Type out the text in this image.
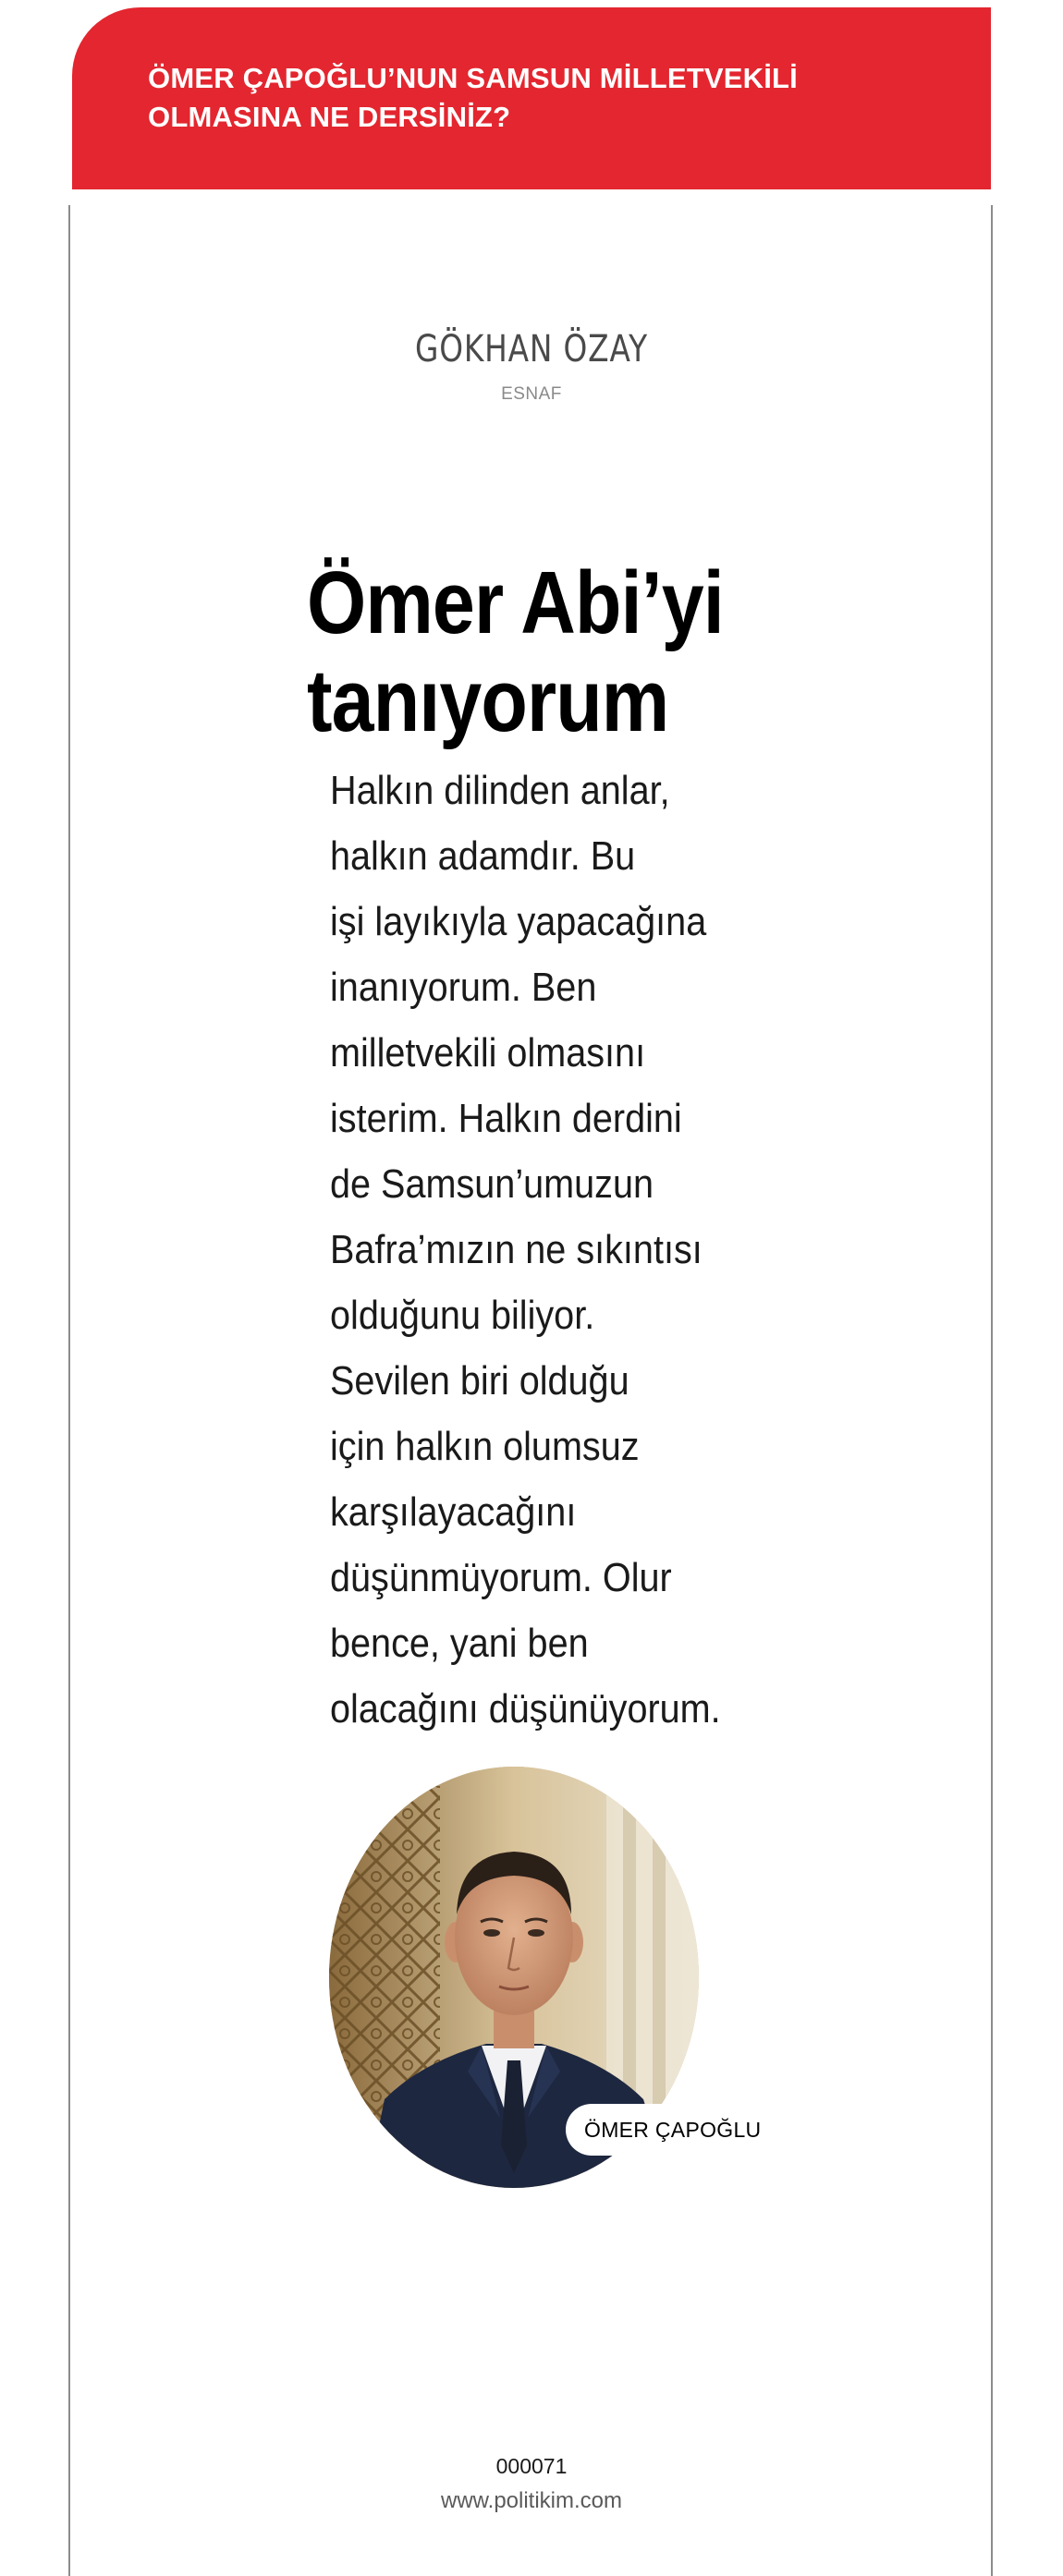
ÖMER ÇAPOĞLU’NUN SAMSUN MİLLETVEKİLİ
OLMASINA NE DERSİNİZ?
GÖKHAN ÖZAY
ESNAF
Ömer Abi’yi
tanıyorum
Halkın dilinden anlar,
halkın adamdır. Bu
işi layıkıyla yapacağına
inanıyorum. Ben
milletvekili olmasını
isterim. Halkın derdini
de Samsun’umuzun
Bafra’mızın ne sıkıntısı
olduğunu biliyor.
Sevilen biri olduğu
için halkın olumsuz
karşılayacağını
düşünmüyorum. Olur
bence, yani ben
olacağını düşünüyorum.
ÖMER ÇAPOĞLU
000071
www.politikim.com
